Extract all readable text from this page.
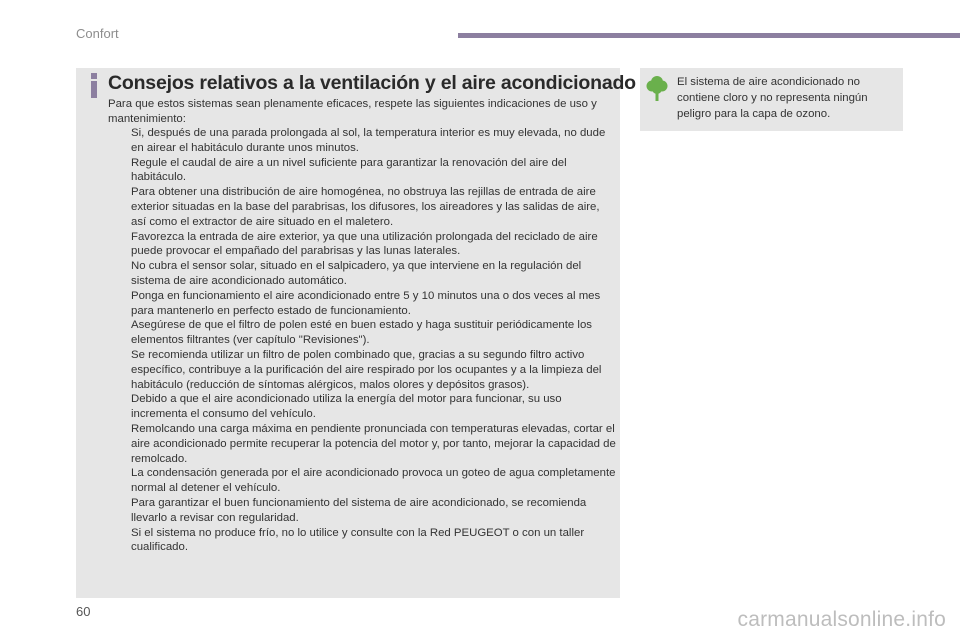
Confort
Consejos relativos a la ventilación y el aire acondicionado
Para que estos sistemas sean plenamente eficaces, respete las siguientes indicaciones de uso y mantenimiento:

Si, después de una parada prolongada al sol, la temperatura interior es muy elevada, no dude en airear el habitáculo durante unos minutos.

Regule el caudal de aire a un nivel suficiente para garantizar la renovación del aire del habitáculo.

Para obtener una distribución de aire homogénea, no obstruya las rejillas de entrada de aire exterior situadas en la base del parabrisas, los difusores, los aireadores y las salidas de aire, así como el extractor de aire situado en el maletero.

Favorezca la entrada de aire exterior, ya que una utilización prolongada del reciclado de aire puede provocar el empañado del parabrisas y las lunas laterales.

No cubra el sensor solar, situado en el salpicadero, ya que interviene en la regulación del sistema de aire acondicionado automático.

Ponga en funcionamiento el aire acondicionado entre 5 y 10 minutos una o dos veces al mes para mantenerlo en perfecto estado de funcionamiento.

Asegúrese de que el filtro de polen esté en buen estado y haga sustituir periódicamente los elementos filtrantes (ver capítulo "Revisiones").

Se recomienda utilizar un filtro de polen combinado que, gracias a su segundo filtro activo específico, contribuye a la purificación del aire respirado por los ocupantes y a la limpieza del habitáculo (reducción de síntomas alérgicos, malos olores y depósitos grasos).

Debido a que el aire acondicionado utiliza la energía del motor para funcionar, su uso incrementa el consumo del vehículo.

Remolcando una carga máxima en pendiente pronunciada con temperaturas elevadas, cortar el aire acondicionado permite recuperar la potencia del motor y, por tanto, mejorar la capacidad de remolcado.

La condensación generada por el aire acondicionado provoca un goteo de agua completamente normal al detener el vehículo.

Para garantizar el buen funcionamiento del sistema de aire acondicionado, se recomienda llevarlo a revisar con regularidad.

Si el sistema no produce frío, no lo utilice y consulte con la Red PEUGEOT o con un taller cualificado.

El sistema de aire acondicionado no contiene cloro y no representa ningún peligro para la capa de ozono.
60	carmanualsonline.info
